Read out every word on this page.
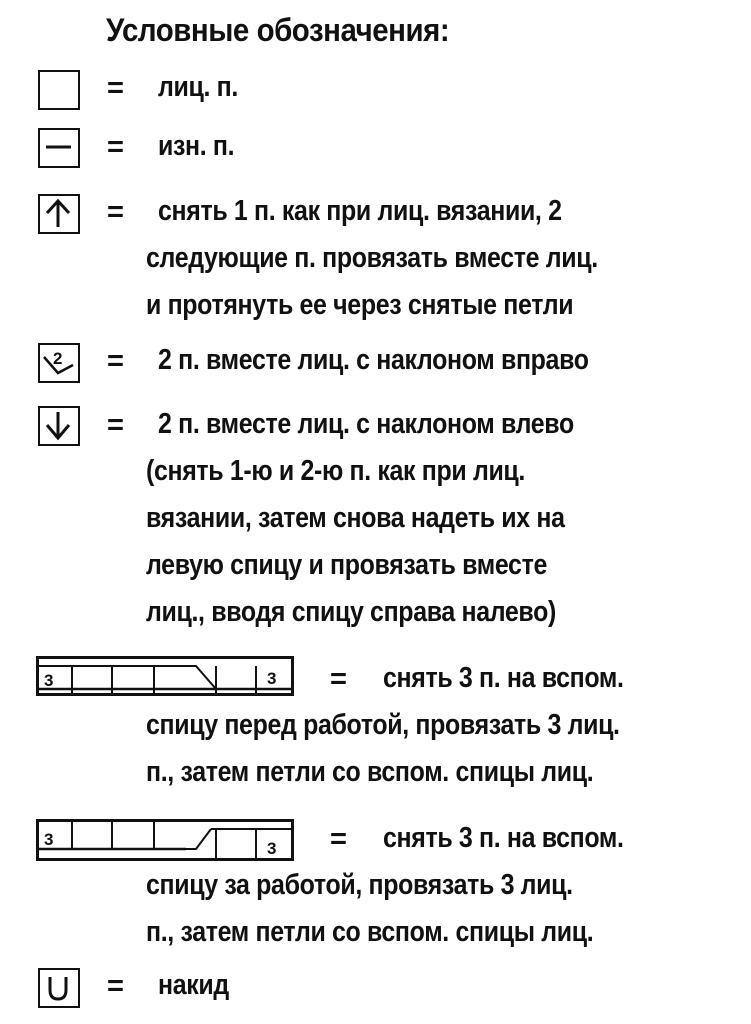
Условные обозначения:
= лиц. п.
= изн. п.
= снять 1 п. как при лиц. вязании, 2
следующие п. провязать вместе лиц.
и протянуть ее через снятые петли
2 = 2 п. вместе лиц. с наклоном вправо
= 2 п. вместе лиц. с наклоном влево
(снять 1-ю и 2-ю п. как при лиц.
вязании, затем снова надеть их на
левую спицу и провязать вместе
лиц., вводя спицу справа налево)
3	3 = снять 3 п. на вспом.
спицу перед работой, провязать 3 лиц.
п., затем петли со вспом. спицы лиц.
3	3 = снять 3 п. на вспом.
спицу за работой, провязать 3 лиц.
п., затем петли со вспом. спицы лиц.
= накид
